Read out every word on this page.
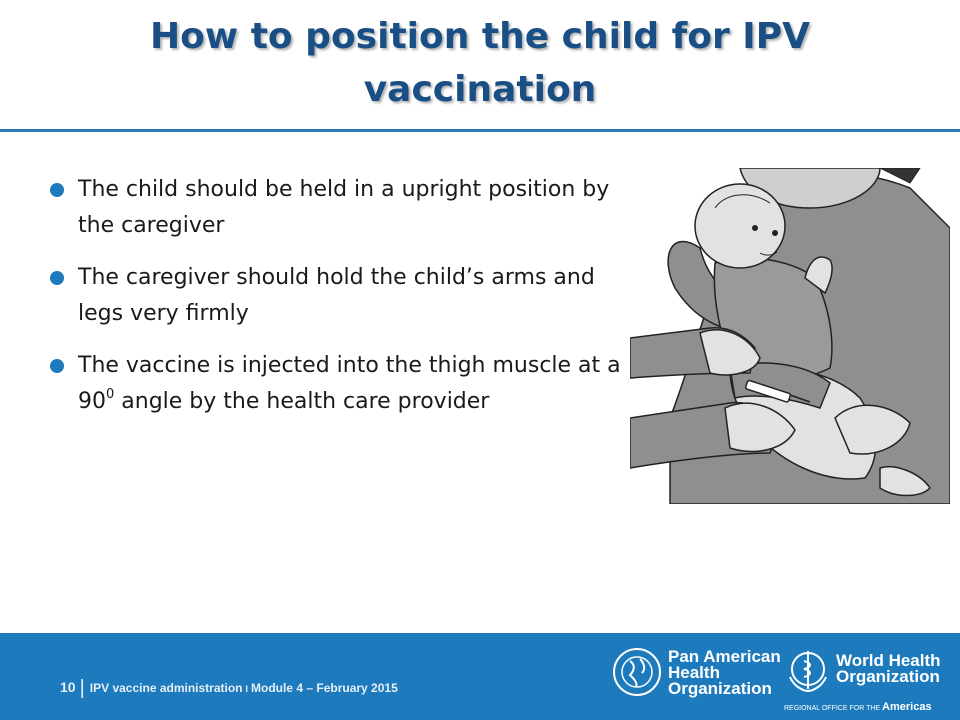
How to position the child for IPV
vaccination
The child should be held in a upright position by the caregiver
The caregiver should hold the child’s arms and legs very firmly
The vaccine is injected into the thigh muscle at a $90^0$ angle by the health care provider
10 | IPV vaccine administration I Module 4 – February 2015
Pan American
Health
Organization
World Health
Organization
REGIONAL OFFICE FOR THE Americas
